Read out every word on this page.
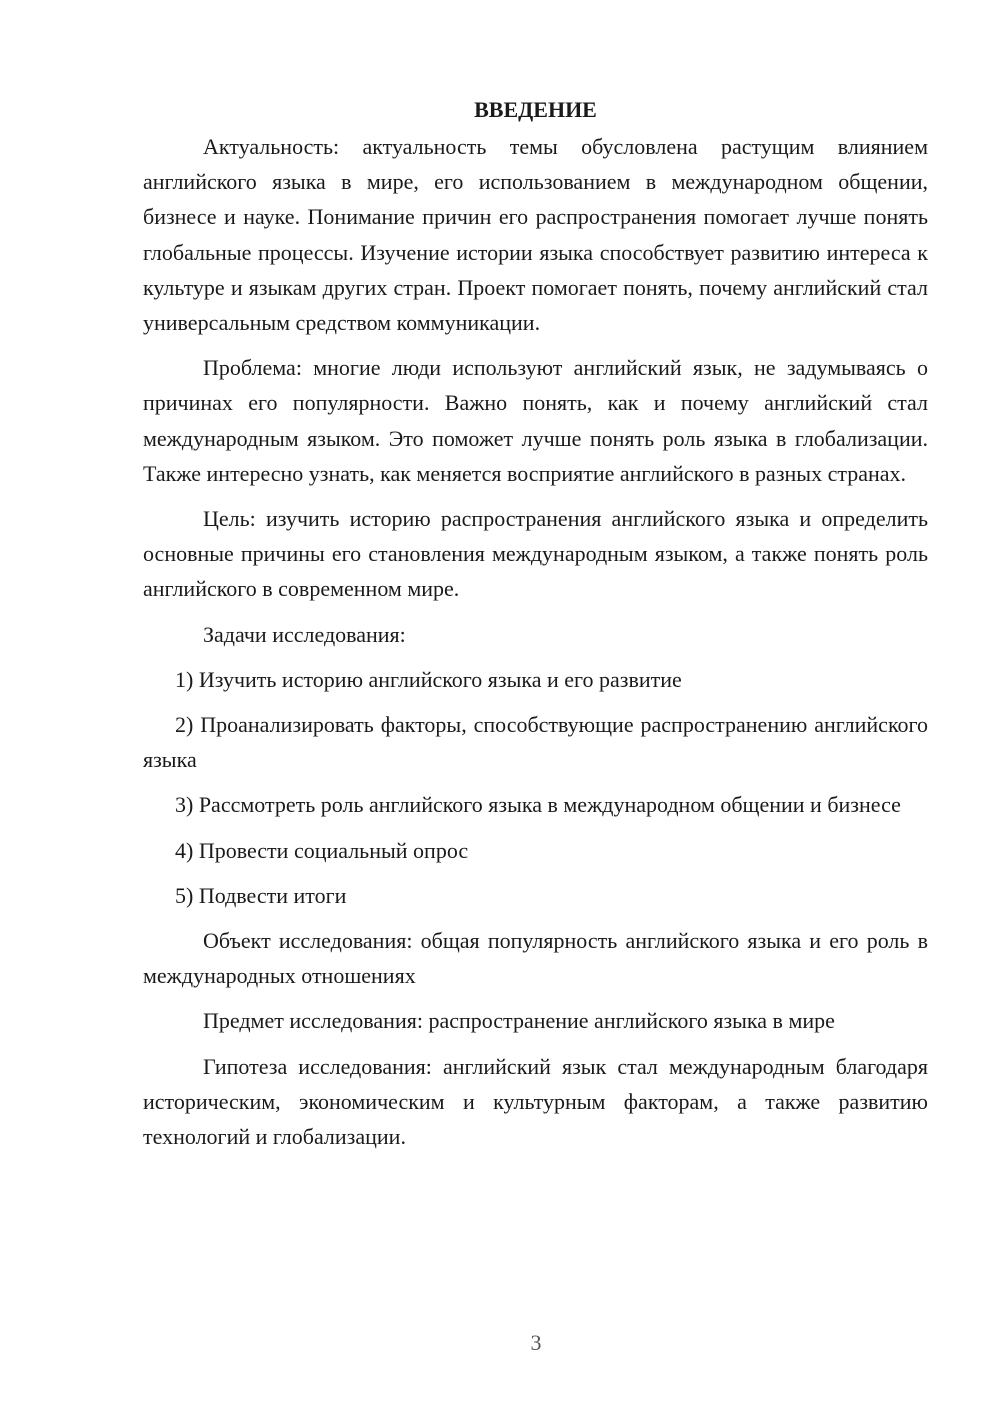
ВВЕДЕНИЕ

Актуальность: актуальность темы обусловлена растущим влиянием английского языка в мире, его использованием в международном общении, бизнесе и науке. Понимание причин его распространения помогает лучше понять глобальные процессы. Изучение истории языка способствует развитию интереса к культуре и языкам других стран. Проект помогает понять, почему английский стал универсальным средством коммуникации.

Проблема: многие люди используют английский язык, не задумываясь о причинах его популярности. Важно понять, как и почему английский стал международным языком. Это поможет лучше понять роль языка в глобализации. Также интересно узнать, как меняется восприятие английского в разных странах.

Цель: изучить историю распространения английского языка и определить основные причины его становления международным языком, а также понять роль английского в современном мире.

Задачи исследования:

1) Изучить историю английского языка и его развитие

2) Проанализировать факторы, способствующие распространению английского языка

3) Рассмотреть роль английского языка в международном общении и бизнесе

4) Провести социальный опрос

5) Подвести итоги

Объект исследования: общая популярность английского языка и его роль в международных отношениях

Предмет исследования: распространение английского языка в мире

Гипотеза исследования: английский язык стал международным благодаря историческим, экономическим и культурным факторам, а также развитию технологий и глобализации.

3
